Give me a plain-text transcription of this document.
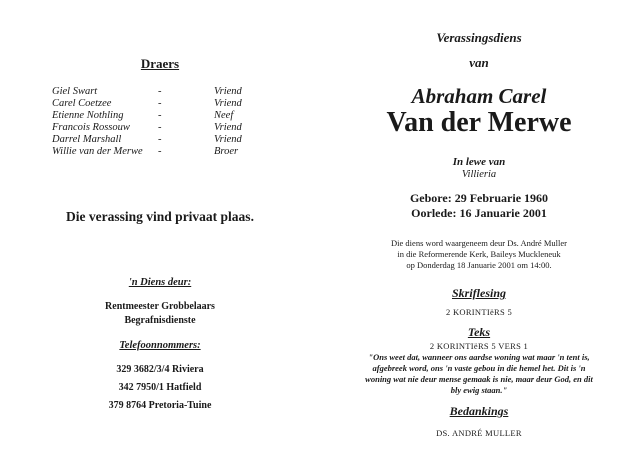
Draers
Giel Swart	-	Vriend
Carel Coetzee	-	Vriend
Etienne Nothling	-	Neef
Francois Rossouw	-	Vriend
Darrel Marshall	-	Vriend
Willie van der Merwe -	Broer
Die verassing vind privaat plaas.
'n Diens deur:
Rentmeester Grobbelaars
Begrafnisdienste
Telefoonnommers:
329 3682/3/4 Riviera
342 7950/1 Hatfield
379 8764 Pretoria-Tuine
Verassingsdiens
van
Abraham Carel
Van der Merwe
In lewe van
Villieria
Gebore: 29 Februarie 1960
Oorlede: 16 Januarie 2001
Die diens word waargeneem deur Ds. André Muller
in die Reformerende Kerk, Baileys Muckleneuk
op Donderdag 18 Januarie 2001 om 14:00.
Skriflesing
2 KORINTIëRS 5
Teks
2 KORINTIëRS 5 VERS 1
"Ons weet dat, wanneer ons aardse woning wat maar 'n tent is,
afgebreek word, ons 'n vaste gebou in die hemel het. Dit is 'n
woning wat nie deur mense gemaak is nie, maar deur God, en dit
bly ewig staan."
Bedankings
DS. ANDRÉ MULLER
